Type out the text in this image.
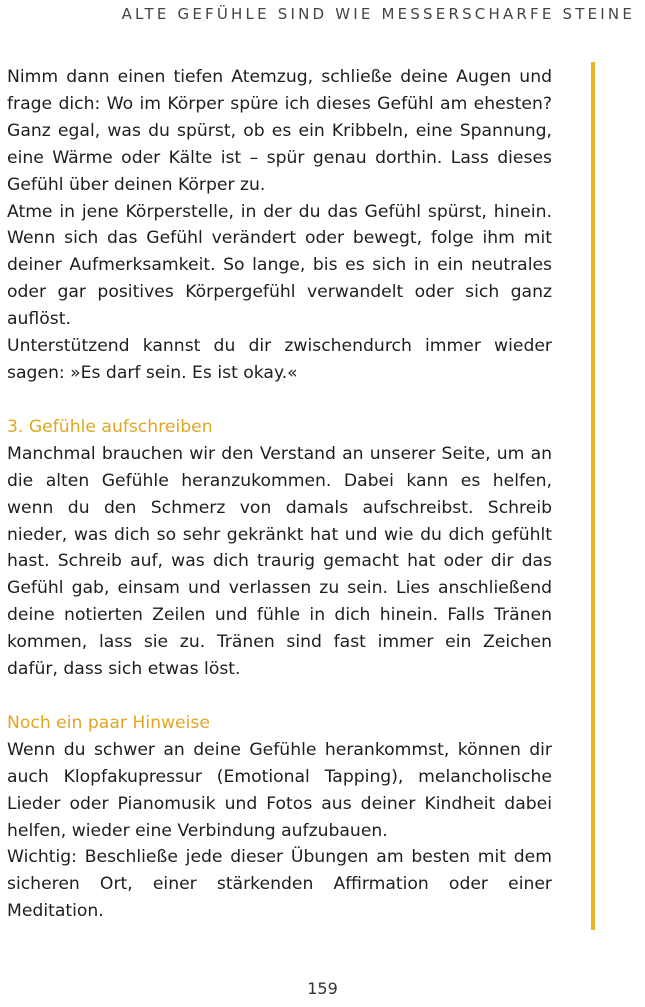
ALTE GEFÜHLE SIND WIE MESSERSCHARFE STEINE

Nimm dann einen tiefen Atemzug, schließe deine Augen und frage dich: Wo im Körper spüre ich dieses Gefühl am ehesten? Ganz egal, was du spürst, ob es ein Kribbeln, eine Spannung, eine Wärme oder Kälte ist – spür genau dorthin. Lass dieses Gefühl über deinen Körper zu.

Atme in jene Körperstelle, in der du das Gefühl spürst, hinein. Wenn sich das Gefühl verändert oder bewegt, folge ihm mit deiner Aufmerksamkeit. So lange, bis es sich in ein neutrales oder gar positives Körpergefühl verwandelt oder sich ganz auflöst.

Unterstützend kannst du dir zwischendurch immer wieder sagen: »Es darf sein. Es ist okay.«

3. Gefühle aufschreiben

Manchmal brauchen wir den Verstand an unserer Seite, um an die alten Gefühle heranzukommen. Dabei kann es helfen, wenn du den Schmerz von damals aufschreibst. Schreib nieder, was dich so sehr gekränkt hat und wie du dich gefühlt hast. Schreib auf, was dich traurig gemacht hat oder dir das Gefühl gab, einsam und verlassen zu sein. Lies anschließend deine notierten Zeilen und fühle in dich hinein. Falls Tränen kommen, lass sie zu. Tränen sind fast immer ein Zeichen dafür, dass sich etwas löst.

Noch ein paar Hinweise

Wenn du schwer an deine Gefühle herankommst, können dir auch Klopfakupressur (Emotional Tapping), melancholische Lieder oder Pianomusik und Fotos aus deiner Kindheit dabei helfen, wieder eine Verbindung aufzubauen.

Wichtig: Beschließe jede dieser Übungen am besten mit dem sicheren Ort, einer stärkenden Affirmation oder einer Meditation.

159
